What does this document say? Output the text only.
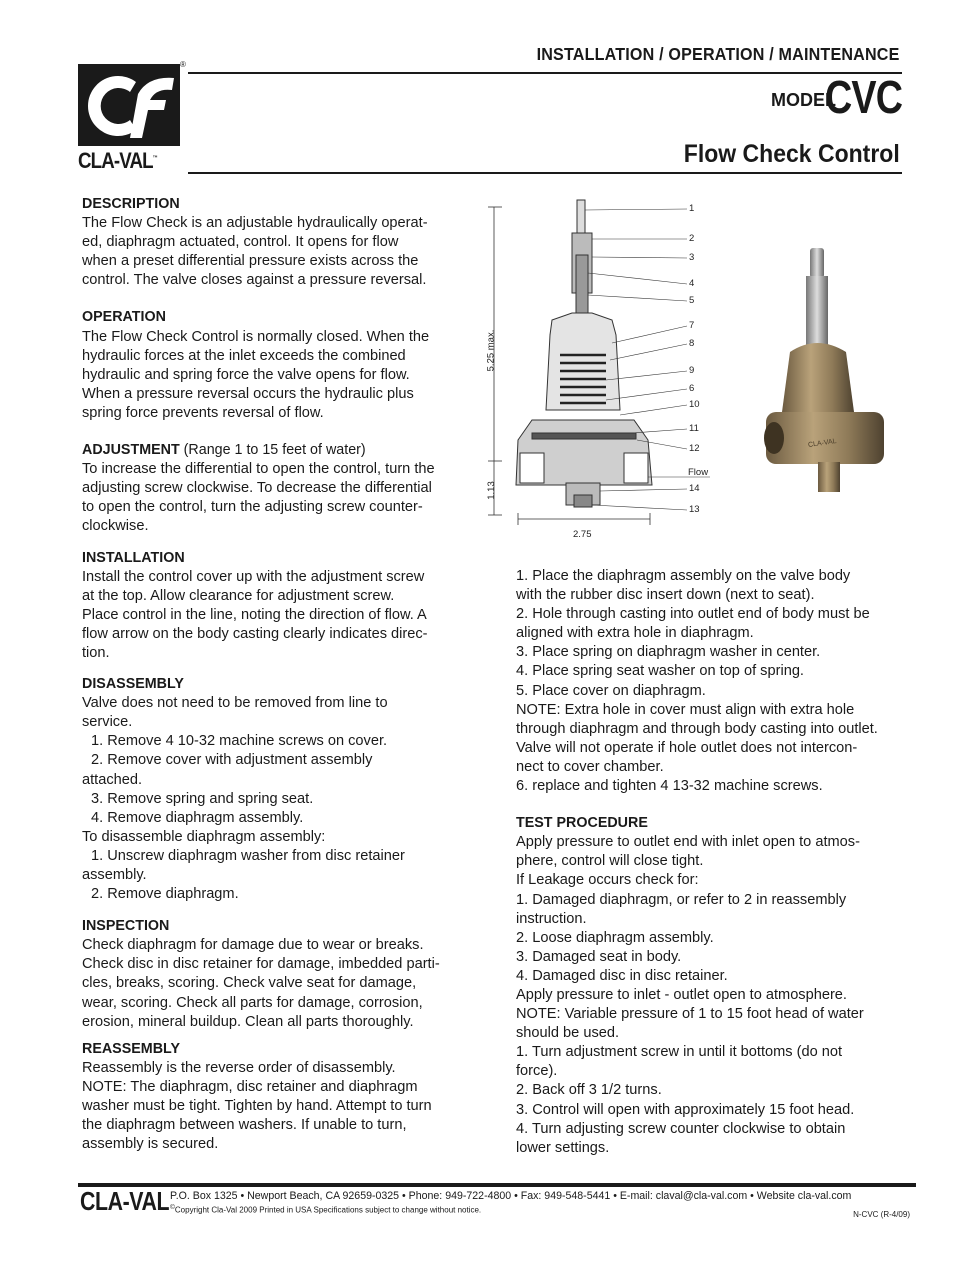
INSTALLATION / OPERATION / MAINTENANCE
MODEL
CVC
Flow Check Control
®
CLA-VAL™
DESCRIPTION

The Flow Check is an adjustable hydraulically operat-

ed, diaphragm actuated, control. It opens for flow

when a preset differential pressure exists across the

control. The valve closes against a pressure reversal.

OPERATION

The Flow Check Control is normally closed. When the

hydraulic forces at the inlet exceeds the combined

hydraulic and spring force the valve opens for flow.

When a pressure reversal occurs the hydraulic plus

spring force prevents reversal of flow.

ADJUSTMENT (Range 1 to 15 feet of water)

To increase the differential to open the control, turn the

adjusting screw clockwise. To decrease the differential

to open the control, turn the adjusting screw counter-

clockwise.

INSTALLATION

Install the control cover up with the adjustment screw

at the top. Allow clearance for adjustment screw.

Place control in the line, noting the direction of flow. A

flow arrow on the body casting clearly indicates direc-

tion.

DISASSEMBLY

Valve does not need to be removed from line to

service.

1. Remove 4 10-32 machine screws on cover.

2. Remove cover with adjustment assembly

attached.

3. Remove spring and spring seat.

4. Remove diaphragm assembly.

To disassemble diaphragm assembly:

1. Unscrew diaphragm washer from disc retainer

assembly.

2. Remove diaphragm.

INSPECTION

Check diaphragm for damage due to wear or breaks.

Check disc in disc retainer for damage, imbedded parti-

cles, breaks, scoring. Check valve seat for damage,

wear, scoring. Check all parts for damage, corrosion,

erosion, mineral buildup. Clean all parts thoroughly.

REASSEMBLY

Reassembly is the reverse order of disassembly.

NOTE: The diaphragm, disc retainer and diaphragm

washer must be tight. Tighten by hand. Attempt to turn

the diaphragm between washers. If unable to turn,

assembly is secured.

1
2
3
4
5
7
8
9
6
10
11
12
14
13
Flow
5.25 max.
1.13
2.75
CLA-VAL

1. Place the diaphragm assembly on the valve body

with the rubber disc insert down (next to seat).

2. Hole through casting into outlet end of body must be

aligned with extra hole in diaphragm.

3. Place spring on diaphragm washer in center.

4. Place spring seat washer on top of spring.

5. Place cover on diaphragm.

NOTE: Extra hole in cover must align with extra hole

through diaphragm and through body casting into outlet.

Valve will not operate if hole outlet does not intercon-

nect to cover chamber.

6. replace and tighten 4 13-32 machine screws.

TEST PROCEDURE

Apply pressure to outlet end with inlet open to atmos-

phere, control will close tight.

If Leakage occurs check for:

1. Damaged diaphragm, or refer to 2 in reassembly

instruction.

2. Loose diaphragm assembly.

3. Damaged seat in body.

4. Damaged disc in disc retainer.

Apply pressure to inlet - outlet open to atmosphere.

NOTE: Variable pressure of 1 to 15 foot head of water

should be used.

1. Turn adjustment screw in until it bottoms (do not

force).

2. Back off 3 1/2 turns.

3. Control will open with approximately 15 foot head.

4. Turn adjusting screw counter clockwise to obtain

lower settings.

CLA-VAL P.O. Box 1325 • Newport Beach, CA 92659-0325 • Phone: 949-722-4800 • Fax: 949-548-5441 • E-mail: claval@cla-val.com • Website cla-val.com
©Copyright Cla-Val 2009 Printed in USA Specifications subject to change without notice.	N-CVC (R-4/09)
